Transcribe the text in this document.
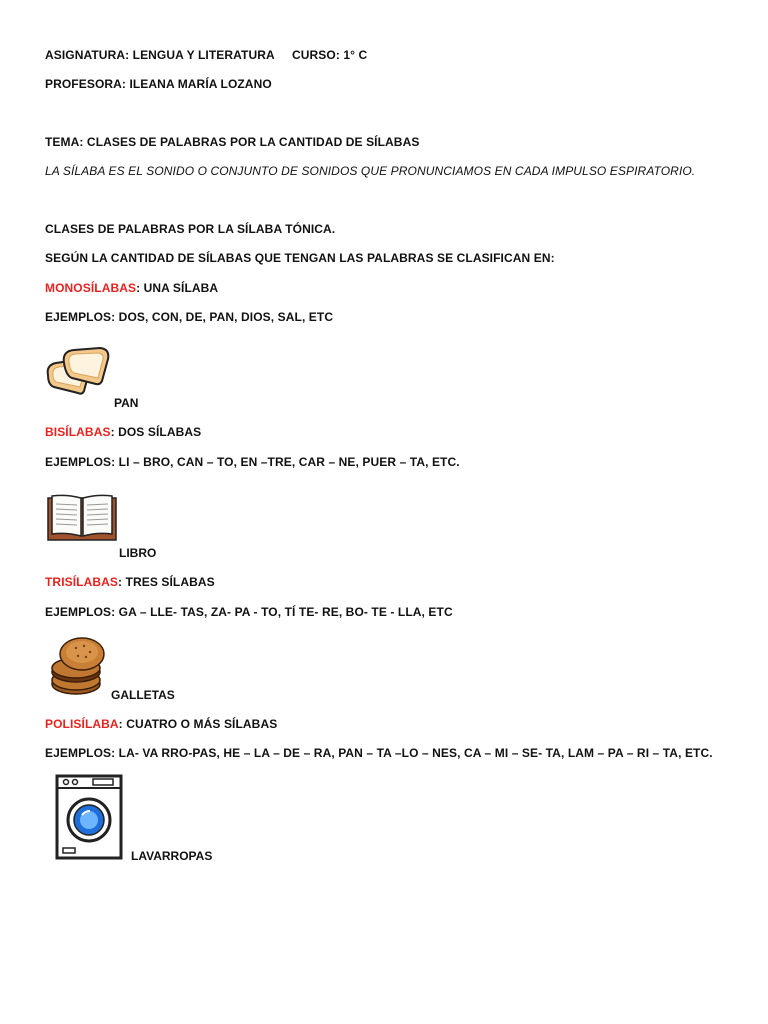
ASIGNATURA: LENGUA Y LITERATURA CURSO: 1° C
PROFESORA: ILEANA MARÍA LOZANO
TEMA: CLASES DE PALABRAS POR LA CANTIDAD DE SÍLABAS
LA SÍLABA ES EL SONIDO O CONJUNTO DE SONIDOS QUE PRONUNCIAMOS EN CADA IMPULSO ESPIRATORIO.
CLASES DE PALABRAS POR LA SÍLABA TÓNICA.
SEGÚN LA CANTIDAD DE SÍLABAS QUE TENGAN LAS PALABRAS SE CLASIFICAN EN:
MONOSÍLABAS: UNA SÍLABA
EJEMPLOS: DOS, CON, DE, PAN, DIOS, SAL, ETC
PAN
BISÍLABAS: DOS SÍLABAS
EJEMPLOS: LI – BRO, CAN – TO, EN –TRE, CAR – NE, PUER – TA, ETC.
LIBRO
TRISÍLABAS: TRES SÍLABAS
EJEMPLOS: GA – LLE- TAS, ZA- PA - TO, TÍ TE- RE, BO- TE - LLA, ETC
GALLETAS
POLISÍLABA: CUATRO O MÁS SÍLABAS
EJEMPLOS: LA- VA RRO-PAS, HE – LA – DE – RA, PAN – TA –LO – NES, CA – MI – SE- TA, LAM – PA – RI – TA, ETC.
LAVARROPAS
